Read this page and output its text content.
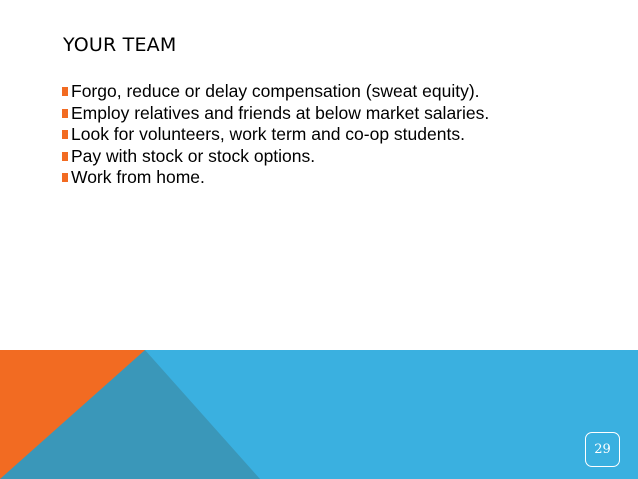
YOUR TEAM
Forgo, reduce or delay compensation (sweat equity).
Employ relatives and friends at below market salaries.
Look for volunteers, work term and co-op students.
Pay with stock or stock options.
Work from home.
29
